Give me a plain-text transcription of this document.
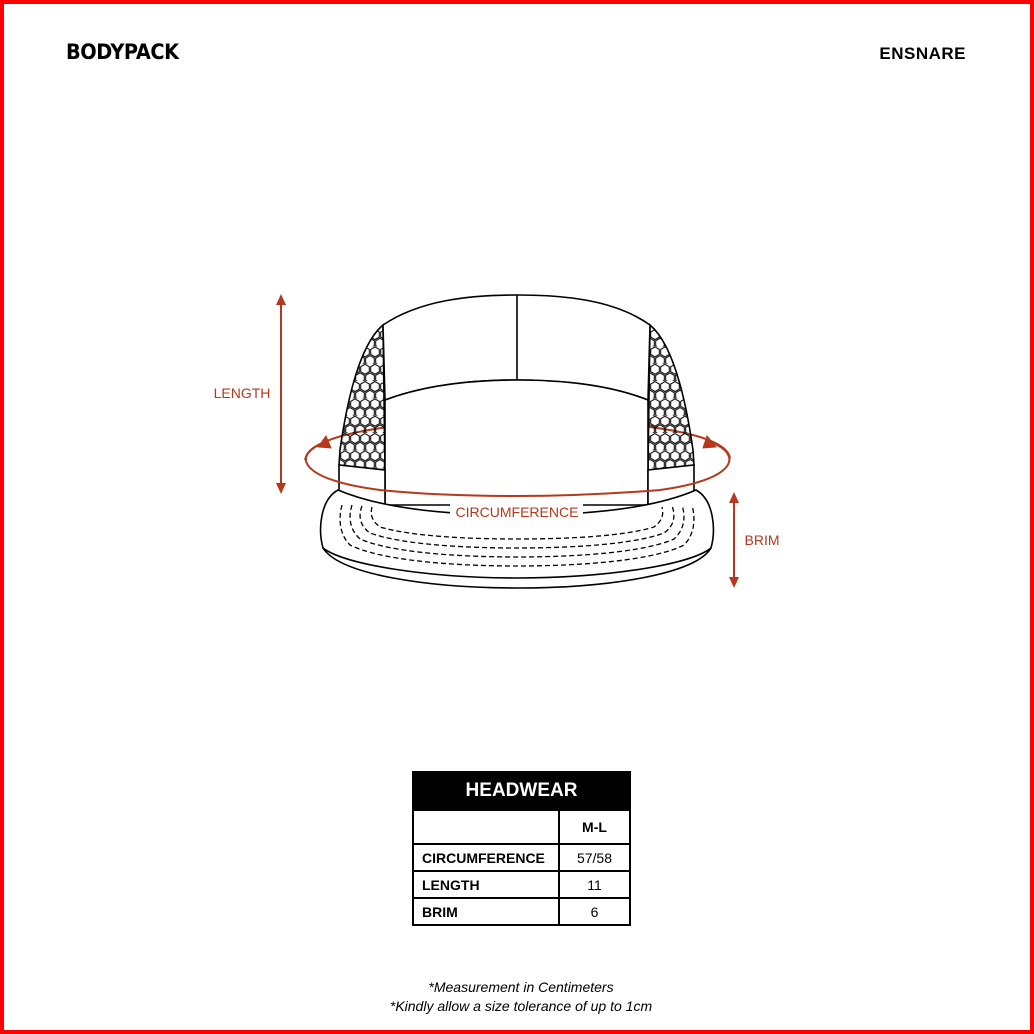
BODYPACK	ENSNARE
LENGTH
CIRCUMFERENCE
BRIM
HEADWEAR	
	M-L
CIRCUMFERENCE	57/58
LENGTH	11
BRIM	6
*Measurement in Centimeters
*Kindly allow a size tolerance of up to 1cm
